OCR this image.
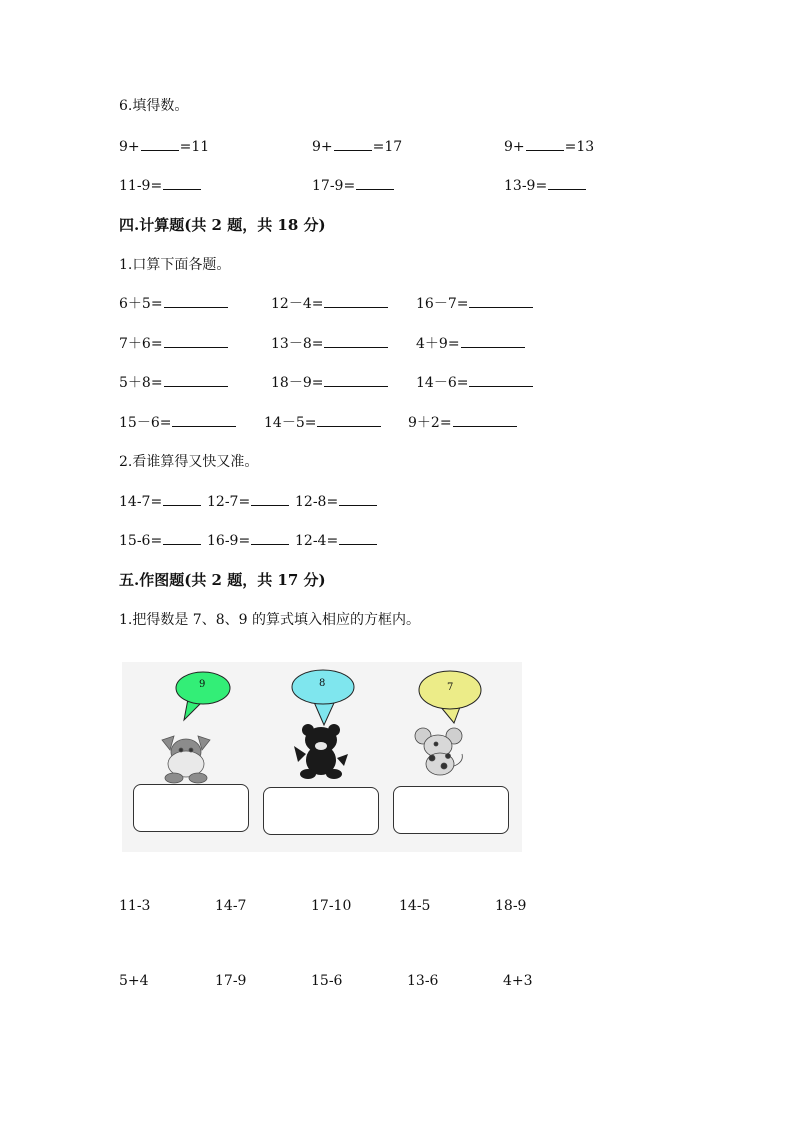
6.填得数。
9+	=11	9+	=17	9+	=13
11-9=	17-9=	13-9=
四.计算题(共 2 题，共 18 分)
1.口算下面各题。
6＋5=	12－4=	16－7=
7＋6=	13－8=	4＋9=
5＋8=	18－9=	14－6=
15－6=	14－5=	9＋2=
2.看谁算得又快又准。
14-7=	12-7=	12-8=
15-6=	16-9=	12-4=
五.作图题(共 2 题，共 17 分)
1.把得数是 7、8、9 的算式填入相应的方框内。
9	8	7
11-3	14-7	17-10	14-5	18-9
5+4	17-9	15-6	13-6	4+3
